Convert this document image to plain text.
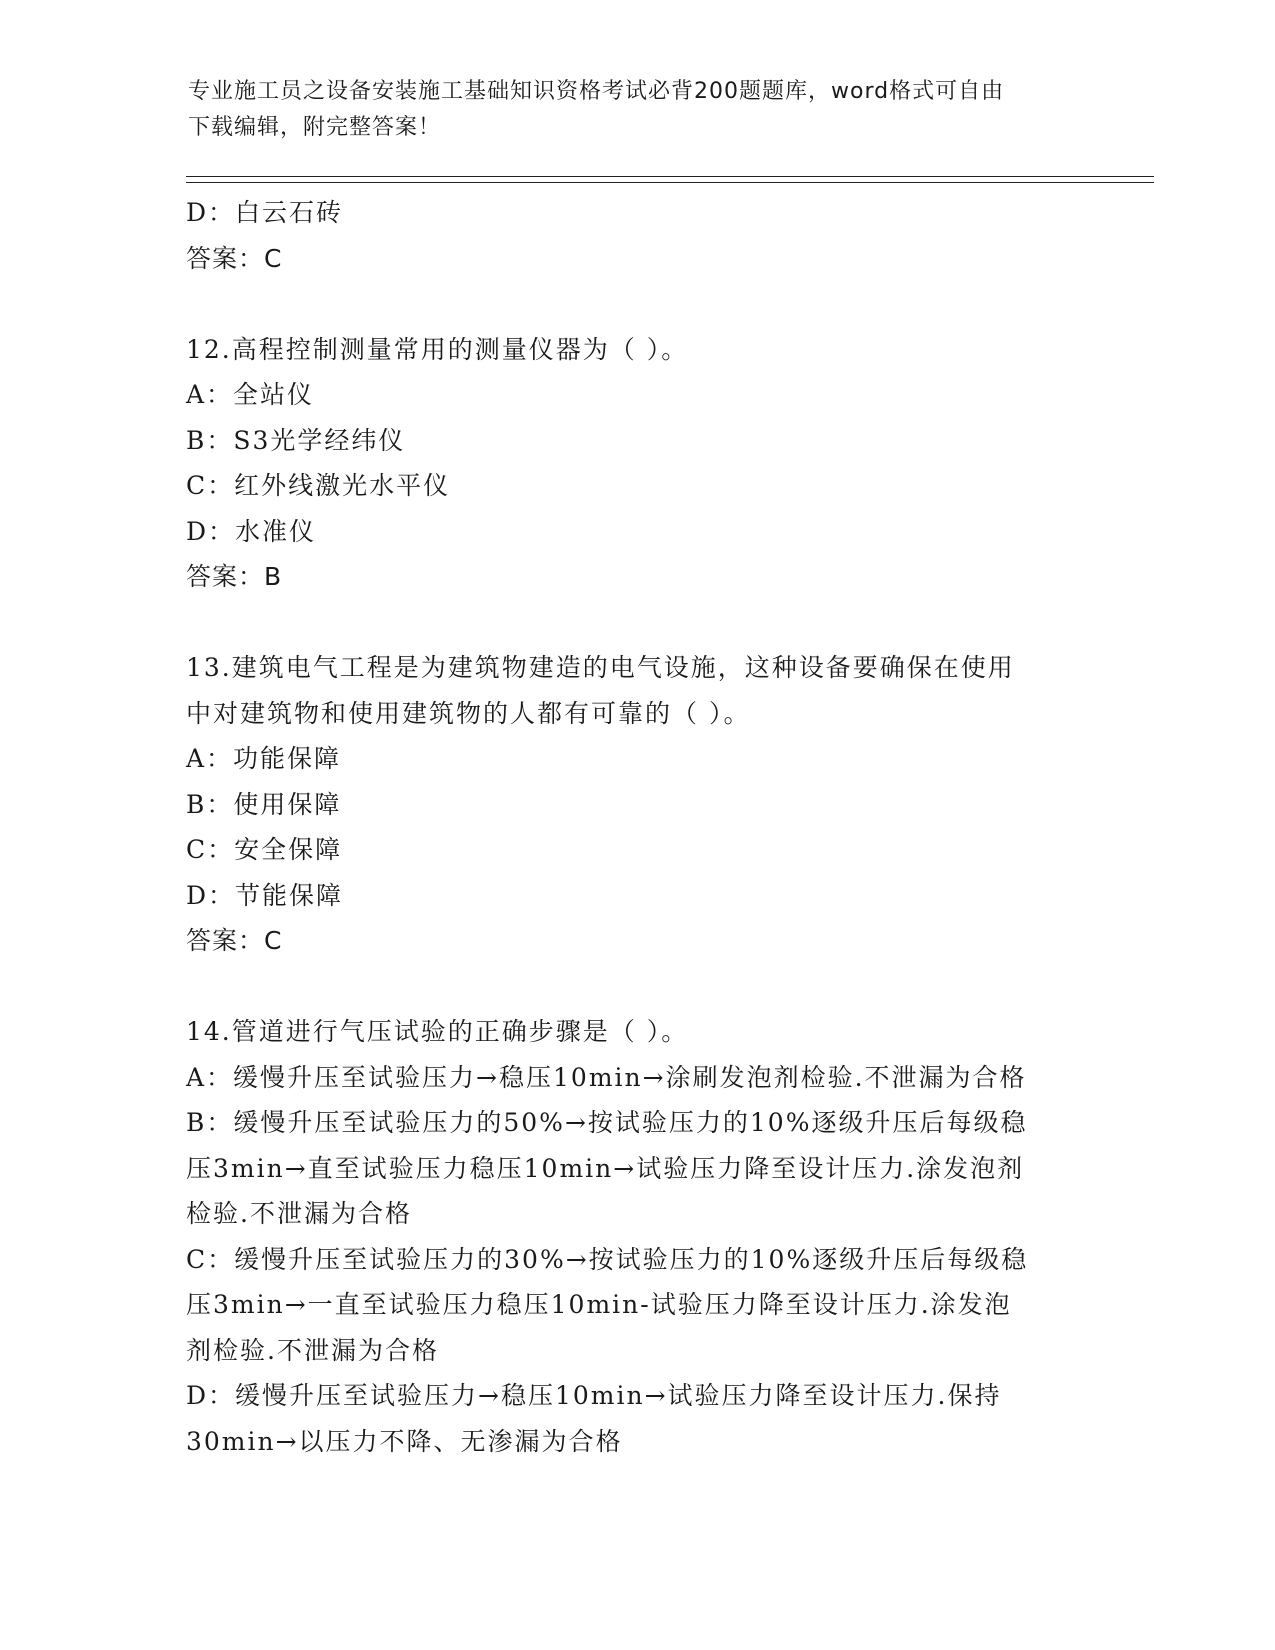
专业施工员之设备安装施工基础知识资格考试必背200题题库，word格式可自由
下载编辑，附完整答案！
D：白云石砖
答案：C
12.高程控制测量常用的测量仪器为（ ）。
A：全站仪
B：S3光学经纬仪
C：红外线激光水平仪
D：水准仪
答案：B
13.建筑电气工程是为建筑物建造的电气设施，这种设备要确保在使用
中对建筑物和使用建筑物的人都有可靠的（ ）。
A：功能保障
B：使用保障
C：安全保障
D：节能保障
答案：C
14.管道进行气压试验的正确步骤是（ ）。
A：缓慢升压至试验压力→稳压10min→涂刷发泡剂检验.不泄漏为合格
B：缓慢升压至试验压力的50%→按试验压力的10%逐级升压后每级稳
压3min→直至试验压力稳压10min→试验压力降至设计压力.涂发泡剂
检验.不泄漏为合格
C：缓慢升压至试验压力的30%→按试验压力的10%逐级升压后每级稳
压3min→一直至试验压力稳压10min-试验压力降至设计压力.涂发泡
剂检验.不泄漏为合格
D：缓慢升压至试验压力→稳压10min→试验压力降至设计压力.保持
30min→以压力不降、无渗漏为合格
